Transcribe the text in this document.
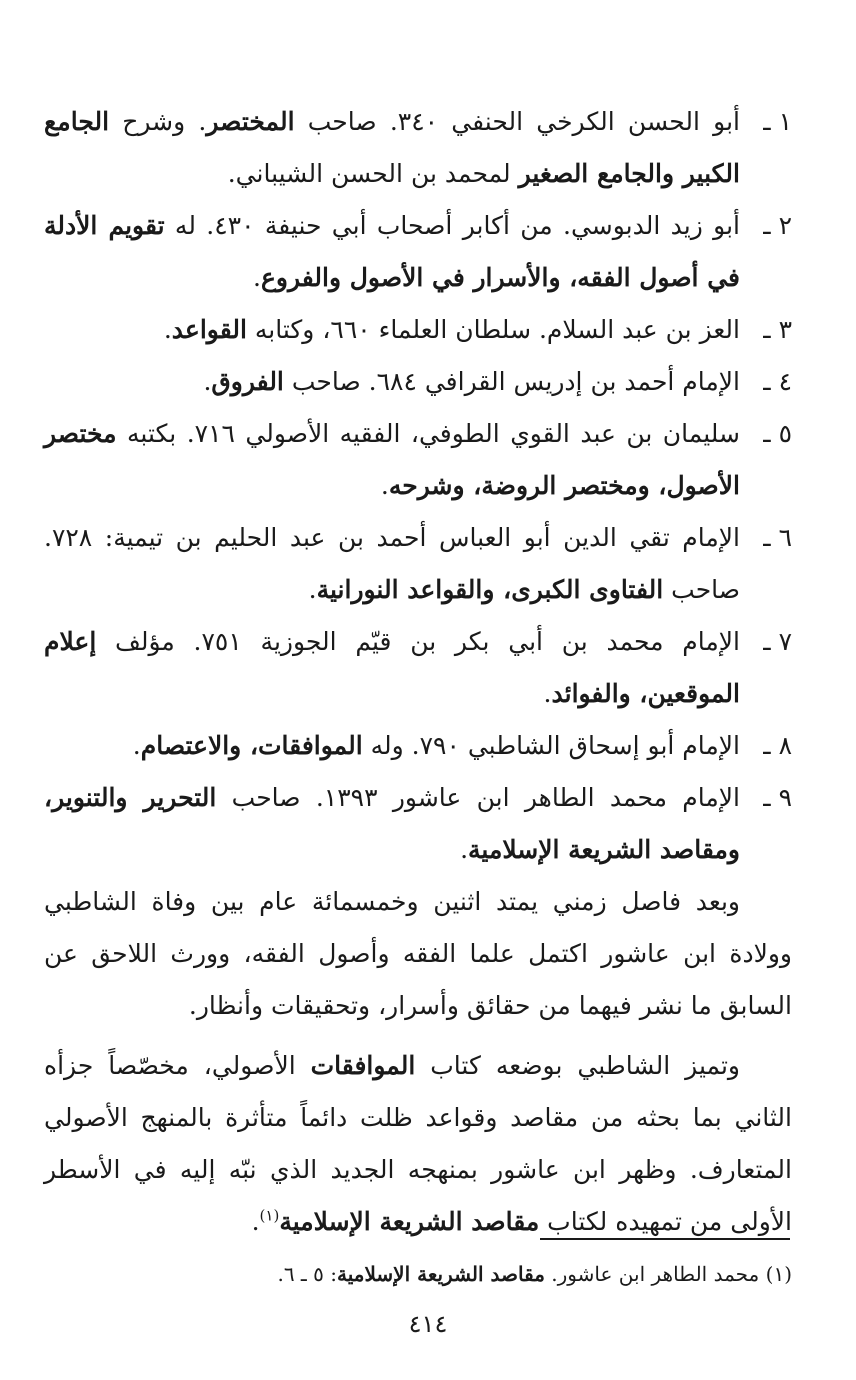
١ ـ
أبو الحسن الكرخي الحنفي ٣٤٠. صاحب المختصر. وشرح الجامع الكبير والجامع الصغير لمحمد بن الحسن الشيباني.
٢ ـ
أبو زيد الدبوسي. من أكابر أصحاب أبي حنيفة ٤٣٠. له تقويم الأدلة في أصول الفقه، والأسرار في الأصول والفروع.
٣ ـ
العز بن عبد السلام. سلطان العلماء ٦٦٠، وكتابه القواعد.
٤ ـ
الإمام أحمد بن إدريس القرافي ٦٨٤. صاحب الفروق.
٥ ـ
سليمان بن عبد القوي الطوفي، الفقيه الأصولي ٧١٦. بكتبه مختصر الأصول، ومختصر الروضة، وشرحه.
٦ ـ
الإمام تقي الدين أبو العباس أحمد بن عبد الحليم بن تيمية: ٧٢٨. صاحب الفتاوى الكبرى، والقواعد النورانية.
٧ ـ
الإمام محمد بن أبي بكر بن قيّم الجوزية ٧٥١. مؤلف إعلام الموقعين، والفوائد.
٨ ـ
الإمام أبو إسحاق الشاطبي ٧٩٠. وله الموافقات، والاعتصام.
٩ ـ
الإمام محمد الطاهر ابن عاشور ١٣٩٣. صاحب التحرير والتنوير، ومقاصد الشريعة الإسلامية.

وبعد فاصل زمني يمتد اثنين وخمسمائة عام بين وفاة الشاطبي وولادة ابن عاشور اكتمل علما الفقه وأصول الفقه، وورث اللاحق عن السابق ما نشر فيهما من حقائق وأسرار، وتحقيقات وأنظار.

وتميز الشاطبي بوضعه كتاب الموافقات الأصولي، مخصّصاً جزأه الثاني بما بحثه من مقاصد وقواعد ظلت دائماً متأثرة بالمنهج الأصولي المتعارف. وظهر ابن عاشور بمنهجه الجديد الذي نبّه إليه في الأسطر الأولى من تمهيده لكتاب مقاصد الشريعة الإسلامية$^{(١)}$.

(١) محمد الطاهر ابن عاشور. مقاصد الشريعة الإسلامية: ٥ ـ ٦.
٤١٤
